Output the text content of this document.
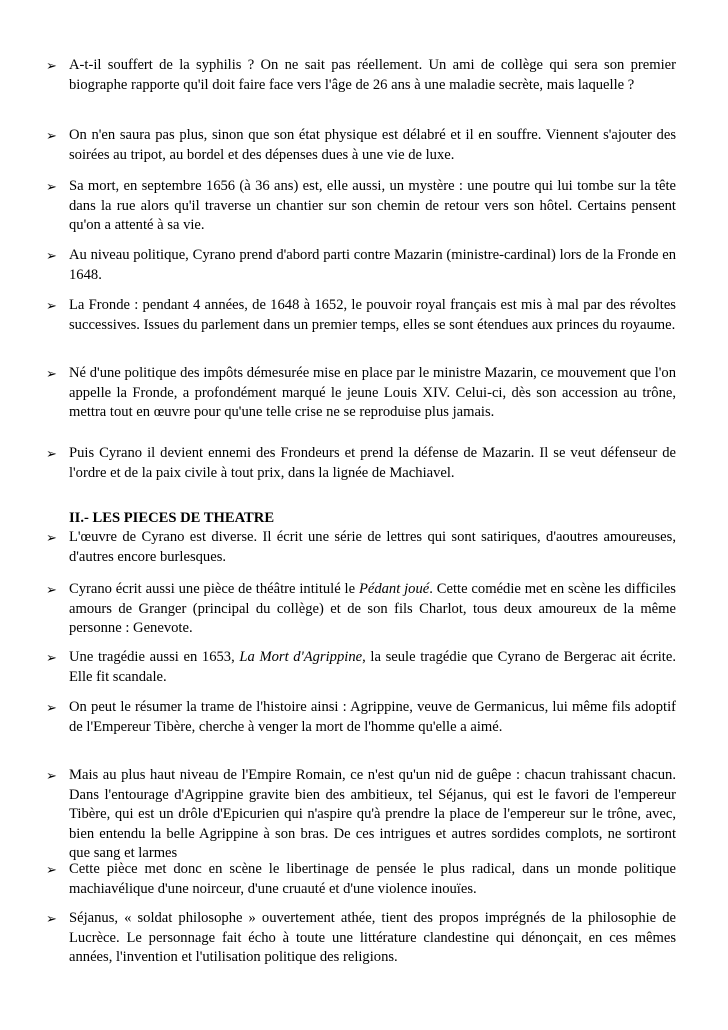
➢ A-t-il souffert de la syphilis ? On ne sait pas réellement. Un ami de collège qui sera son premier biographe rapporte qu'il doit faire face vers l'âge de 26 ans à une maladie secrète, mais laquelle ?

➢ On n'en saura pas plus, sinon que son état physique est délabré et il en souffre. Viennent s'ajouter des soirées au tripot, au bordel et des dépenses dues à une vie de luxe.

➢ Sa mort, en septembre 1656 (à 36 ans) est, elle aussi, un mystère : une poutre qui lui tombe sur la tête dans la rue alors qu'il traverse un chantier sur son chemin de retour vers son hôtel. Certains pensent qu'on a attenté à sa vie.

➢ Au niveau politique, Cyrano prend d'abord parti contre Mazarin (ministre-cardinal) lors de la Fronde en 1648.

➢ La Fronde : pendant 4 années, de 1648 à 1652, le pouvoir royal français est mis à mal par des révoltes successives. Issues du parlement dans un premier temps, elles se sont étendues aux princes du royaume.

➢ Né d'une politique des impôts démesurée mise en place par le ministre Mazarin, ce mouvement que l'on appelle la Fronde, a profondément marqué le jeune Louis XIV. Celui-ci, dès son accession au trône, mettra tout en œuvre pour qu'une telle crise ne se reproduise plus jamais.

➢ Puis Cyrano il devient ennemi des Frondeurs et prend la défense de Mazarin. Il se veut défenseur de l'ordre et de la paix civile à tout prix, dans la lignée de Machiavel.

II.- LES PIECES DE THEATRE

➢ L'œuvre de Cyrano est diverse. Il écrit une série de lettres qui sont satiriques, d'aoutres amoureuses, d'autres encore burlesques.

➢ Cyrano écrit aussi une pièce de théâtre intitulé le Pédant joué. Cette comédie met en scène les difficiles amours de Granger (principal du collège) et de son fils Charlot, tous deux amoureux de la même personne : Genevote.

➢ Une tragédie aussi en 1653, La Mort d'Agrippine, la seule tragédie que Cyrano de Bergerac ait écrite. Elle fit scandale.

➢ On peut le résumer la trame de l'histoire ainsi : Agrippine, veuve de Germanicus, lui même fils adoptif de l'Empereur Tibère, cherche à venger la mort de l'homme qu'elle a aimé.

➢ Mais au plus haut niveau de l'Empire Romain, ce n'est qu'un nid de guêpe : chacun trahissant chacun. Dans l'entourage d'Agrippine gravite bien des ambitieux, tel Séjanus, qui est le favori de l'empereur Tibère, qui est un drôle d'Epicurien qui n'aspire qu'à prendre la place de l'empereur sur le trône, avec, bien entendu la belle Agrippine à son bras. De ces intrigues et autres sordides complots, ne sortiront que sang et larmes

➢ Cette pièce met donc en scène le libertinage de pensée le plus radical, dans un monde politique machiavélique d'une noirceur, d'une cruauté et d'une violence inouïes.

➢ Séjanus, « soldat philosophe » ouvertement athée, tient des propos imprégnés de la philosophie de Lucrèce. Le personnage fait écho à toute une littérature clandestine qui dénonçait, en ces mêmes années, l'invention et l'utilisation politique des religions.
